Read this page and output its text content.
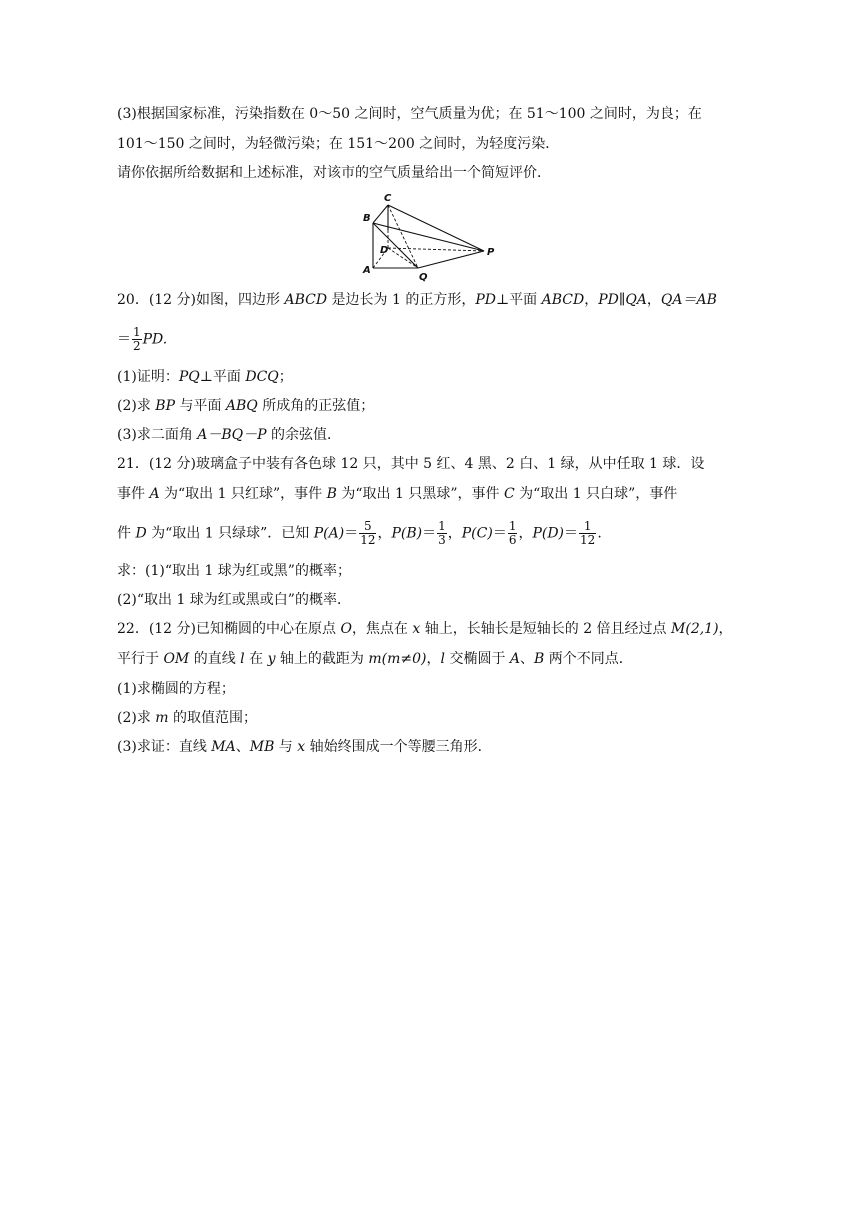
(3)根据国家标准，污染指数在 0～50 之间时，空气质量为优；在 51～100 之间时，为良；在
101～150 之间时，为轻微污染；在 151～200 之间时，为轻度污染．
请你依据所给数据和上述标准，对该市的空气质量给出一个简短评价．
C
B
D
A
Q
P
20．(12 分)如图，四边形 ABCD 是边长为 1 的正方形，PD⊥平面 ABCD，PD∥QA，QA＝AB
＝ $\frac{1}{2}$ PD.
(1)证明：PQ⊥平面 DCQ；
(2)求 BP 与平面 ABQ 所成角的正弦值；
(3)求二面角 A－BQ－P 的余弦值．
21．(12 分)玻璃盒子中装有各色球 12 只，其中 5 红、4 黑、2 白、1 绿，从中任取 1 球．设
事件 A 为“取出 1 只红球”，事件 B 为“取出 1 只黑球”，事件 C 为“取出 1 只白球”，事件
件 D 为“取出 1 只绿球”．已知 $P(A)= \frac{5}{12}$ ，$P(B)= \frac{1}{3}$ ，$P(C)= \frac{1}{6}$ ，$P(D)= \frac{1}{12}$ .
求：(1)“取出 1 球为红或黑”的概率；
(2)“取出 1 球为红或黑或白”的概率．
22．(12 分)已知椭圆的中心在原点 O，焦点在 x 轴上，长轴长是短轴长的 2 倍且经过点 M(2,1)，
平行于 OM 的直线 l 在 y 轴上的截距为 m(m≠0)，l 交椭圆于 A、B 两个不同点．
(1)求椭圆的方程；
(2)求 m 的取值范围；
(3)求证：直线 MA、MB 与 x 轴始终围成一个等腰三角形．
